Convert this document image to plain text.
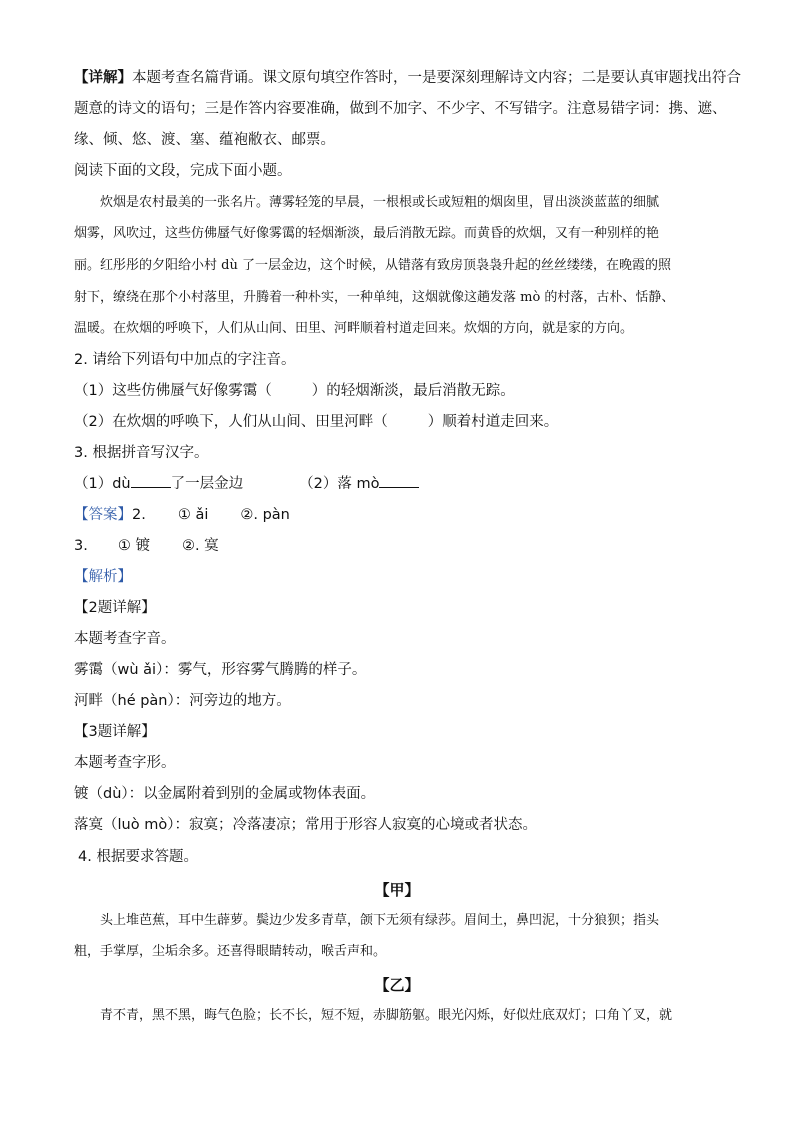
【详解】本题考查名篇背诵。课文原句填空作答时，一是要深刻理解诗文内容；二是要认真审题找出符合
题意的诗文的语句；三是作答内容要准确，做到不加字、不少字、不写错字。注意易错字词：携、遮、
缘、倾、悠、渡、塞、蕴袍敝衣、邮票。
阅读下面的文段，完成下面小题。
炊烟是农村最美的一张名片。薄雾轻笼的早晨，一根根或长或短粗的烟囱里，冒出淡淡蓝蓝的细腻
烟雾，风吹过，这些仿佛蜃气好像雾霭的轻烟渐淡，最后消散无踪。而黄昏的炊烟，又有一种别样的艳
丽。红彤彤的夕阳给小村 dù 了一层金边，这个时候，从错落有致房顶袅袅升起的丝丝缕缕，在晚霞的照
射下，缭绕在那个小村落里，升腾着一种朴实，一种单纯，这烟就像这趟发落 mò 的村落，古朴、恬静、
温暖。在炊烟的呼唤下，人们从山间、田里、河畔顺着村道走回来。炊烟的方向，就是家的方向。
2. 请给下列语句中加点的字注音。
（1）这些仿佛蜃气好像雾霭（	）的轻烟渐淡，最后消散无踪。
（2）在炊烟的呼唤下，人们从山间、田里河畔（	）顺着村道走回来。
3. 根据拼音写汉字。
（1）dù	了一层金边	（2）落 mò
【答案】2. ① ǎi ②. pàn
3. ① 镀 ②. 寞
【解析】
【2题详解】
本题考查字音。
雾霭（wù ǎi）：雾气，形容雾气腾腾的样子。
河畔（hé pàn）：河旁边的地方。
【3题详解】
本题考查字形。
镀（dù）：以金属附着到别的金属或物体表面。
落寞（luò mò）：寂寞；冷落凄凉；常用于形容人寂寞的心境或者状态。
4. 根据要求答题。
【甲】
头上堆芭蕉，耳中生薜萝。鬓边少发多青草，颌下无须有绿莎。眉间土，鼻凹泥，十分狼狈；指头
粗，手掌厚，尘垢余多。还喜得眼睛转动，喉舌声和。
【乙】
青不青，黑不黑，晦气色脸；长不长，短不短，赤脚筋躯。眼光闪烁，好似灶底双灯；口角丫叉，就
